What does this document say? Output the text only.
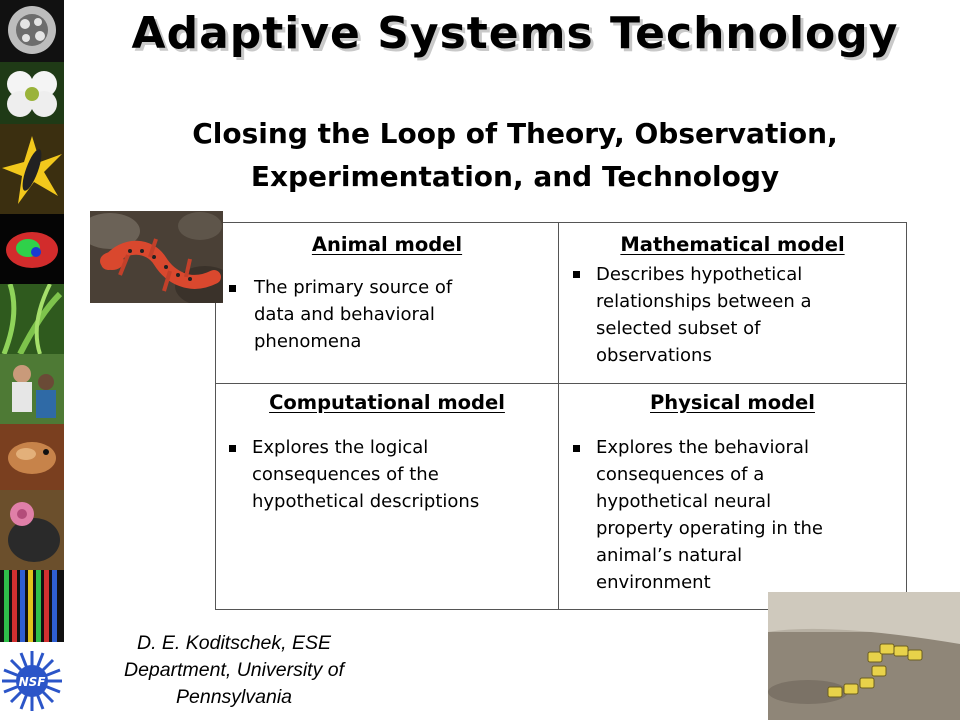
NSF
Adaptive Systems Technology
Closing the Loop of Theory, Observation,
Experimentation, and Technology
Animal model
The primary source of
data and behavioral
phenomena
Mathematical model
Describes hypothetical
relationships between a
selected subset of
observations
Computational model
Explores the logical
consequences of the
hypothetical descriptions
Physical model
Explores the behavioral
consequences of a
hypothetical neural
property operating in the
animal’s natural
environment
D. E. Koditschek, ESE
Department, University of
Pennsylvania
